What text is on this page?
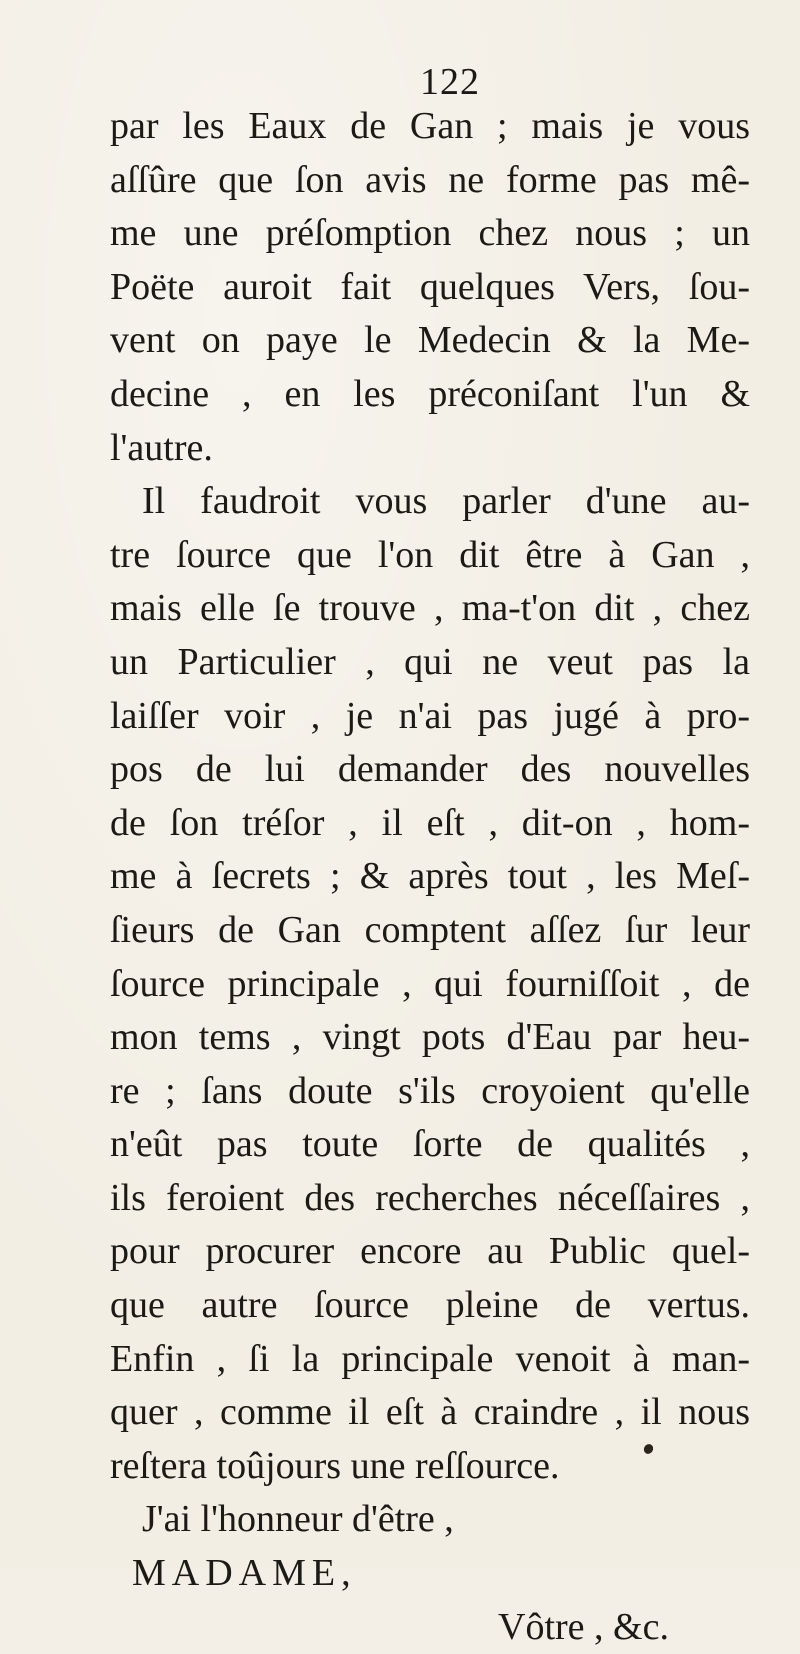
122
par les Eaux de Gan ; mais je vous
aſſûre que ſon avis ne forme pas mê-
me une préſomption chez nous ; un
Poëte auroit fait quelques Vers, ſou-
vent on paye le Medecin & la Me-
decine , en les préconiſant l'un &
l'autre.
Il faudroit vous parler d'une au-
tre ſource que l'on dit être à Gan ,
mais elle ſe trouve , ma-t'on dit , chez
un Particulier , qui ne veut pas la
laiſſer voir , je n'ai pas jugé à pro-
pos de lui demander des nouvelles
de ſon tréſor , il eſt , dit-on , hom-
me à ſecrets ; & après tout , les Meſ-
ſieurs de Gan comptent aſſez ſur leur
ſource principale , qui fourniſſoit , de
mon tems , vingt pots d'Eau par heu-
re ; ſans doute s'ils croyoient qu'elle
n'eût pas toute ſorte de qualités ,
ils feroient des recherches néceſſaires ,
pour procurer encore au Public quel-
que autre ſource pleine de vertus.
Enfin , ſi la principale venoit à man-
quer , comme il eſt à craindre , il nous
reſtera toûjours une reſſource.
J'ai l'honneur d'être ,
MADAME,
Vôtre , &c.
